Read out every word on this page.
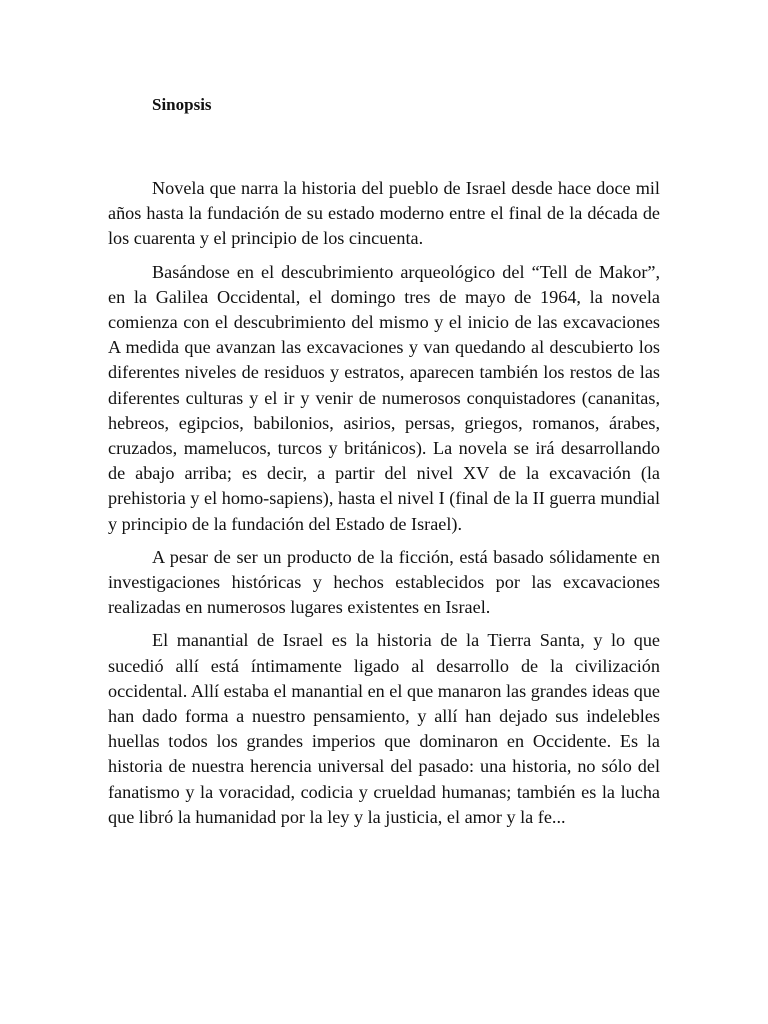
Sinopsis

Novela que narra la historia del pueblo de Israel desde hace doce mil años hasta la fundación de su estado moderno entre el final de la década de los cuarenta y el principio de los cincuenta.

Basándose en el descubrimiento arqueológico del “Tell de Makor”, en la Galilea Occidental, el domingo tres de mayo de 1964, la novela comienza con el descubrimiento del mismo y el inicio de las excavaciones A medida que avanzan las excavaciones y van quedando al descubierto los diferentes niveles de residuos y estratos, aparecen también los restos de las diferentes culturas y el ir y venir de numerosos conquistadores (cananitas, hebreos, egipcios, babilonios, asirios, persas, griegos, romanos, árabes, cruzados, mamelucos, turcos y británicos). La novela se irá desarrollando de abajo arriba; es decir, a partir del nivel XV de la excavación (la prehistoria y el homo-sapiens), hasta el nivel I (final de la II guerra mundial y principio de la fundación del Estado de Israel).

A pesar de ser un producto de la ficción, está basado sólidamente en investigaciones históricas y hechos establecidos por las excavaciones realizadas en numerosos lugares existentes en Israel.

El manantial de Israel es la historia de la Tierra Santa, y lo que sucedió allí está íntimamente ligado al desarrollo de la civilización occidental. Allí estaba el manantial en el que manaron las grandes ideas que han dado forma a nuestro pensamiento, y allí han dejado sus indelebles huellas todos los grandes imperios que dominaron en Occidente. Es la historia de nuestra herencia universal del pasado: una historia, no sólo del fanatismo y la voracidad, codicia y crueldad humanas; también es la lucha que libró la humanidad por la ley y la justicia, el amor y la fe...
